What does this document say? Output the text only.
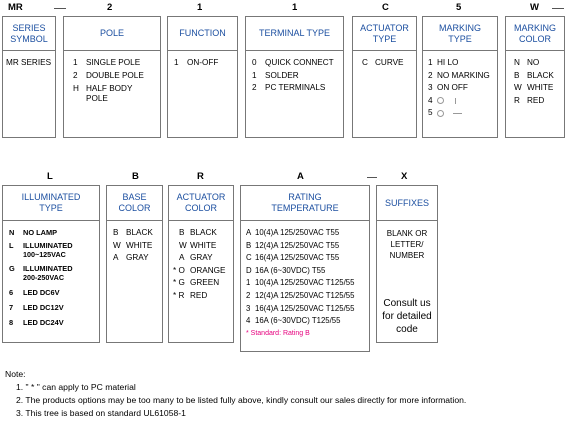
MR	2	1	1	C	5	W
SERIES
SYMBOL
MR SERIES
POLE
1	SINGLE POLE
2	DOUBLE POLE
H HALF BODY
POLE
FUNCTION
1	ON-OFF
TERMINAL TYPE
0	QUICK CONNECT
1	SOLDER
2	PC TERMINALS
ACTUATOR
TYPE
C CURVE
MARKING
TYPE
1 HI LO
2 NO MARKING
3 ON OFF
4

5

MARKING
COLOR
N NO
B BLACK
W WHITE
R RED
L	B	R	A	X
ILLUMINATED
TYPE
N	NO LAMP
L	ILLUMINATED
100~125VAC
G	ILLUMINATED
200-250VAC
6	LED DC6V
7	LED DC12V
8	LED DC24V
BASE
COLOR
B BLACK
W WHITE
A GRAY
ACTUATOR
COLOR
B BLACK
W WHITE
A GRAY
* O ORANGE
* G GREEN
* R RED
RATING
TEMPERATURE
A 10(4)A 125/250VAC T55
B 12(4)A 125/250VAC T55
C 16(4)A 125/250VAC T55
D 16A (6~30VDC) T55
1 10(4)A 125/250VAC T125/55
2 12(4)A 125/250VAC T125/55
3 16(4)A 125/250VAC T125/55
4 16A (6~30VDC) T125/55
* Standard: Rating B
SUFFIXES
BLANK OR
LETTER/
NUMBER
Consult us
for detailed
code
Note:
1. " * " can apply to PC material
2. The products options may be too many to be listed fully above, kindly consult our sales directly for more information.
3. This tree is based on standard UL61058-1
